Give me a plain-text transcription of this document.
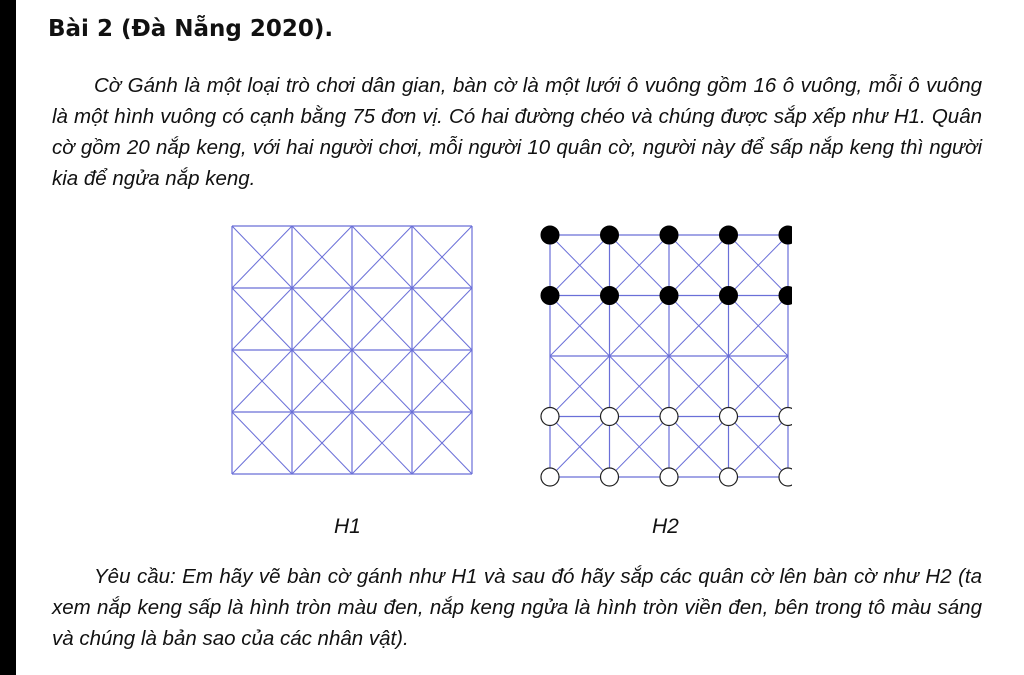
Bài 2 (Đà Nẵng 2020).

Cờ Gánh là một loại trò chơi dân gian, bàn cờ là một lưới ô vuông gồm 16 ô vuông, mỗi ô vuông là một hình vuông có cạnh bằng 75 đơn vị. Có hai đường chéo và chúng được sắp xếp như H1. Quân cờ gồm 20 nắp keng, với hai người chơi, mỗi người 10 quân cờ, người này để sấp nắp keng thì người kia để ngửa nắp keng.

H1	H2

Yêu cầu: Em hãy vẽ bàn cờ gánh như H1 và sau đó hãy sắp các quân cờ lên bàn cờ như H2 (ta xem nắp keng sấp là hình tròn màu đen, nắp keng ngửa là hình tròn viền đen, bên trong tô màu sáng và chúng là bản sao của các nhân vật).
